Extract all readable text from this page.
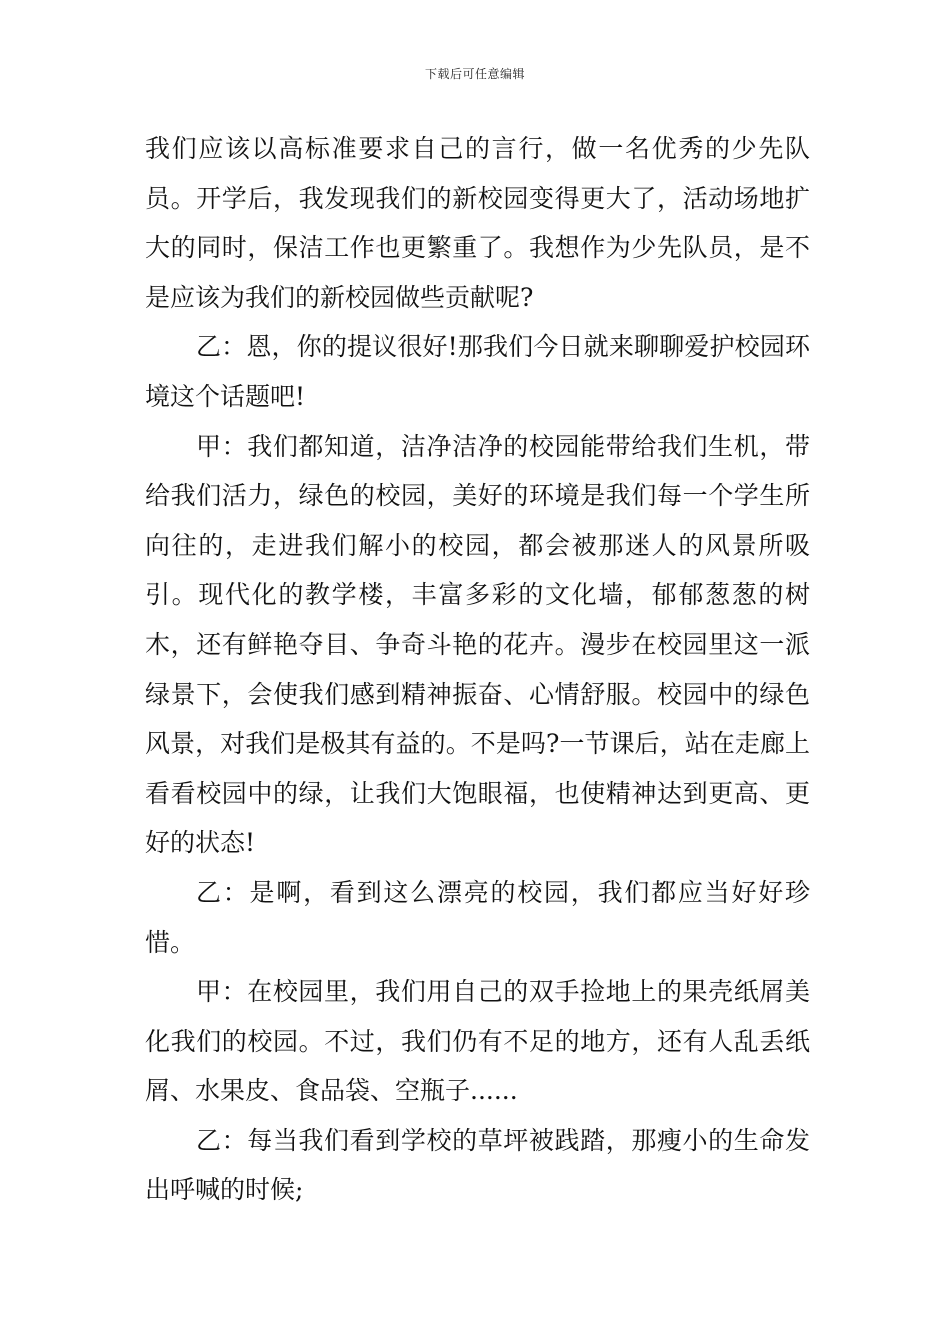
下载后可任意编辑

我们应该以高标准要求自己的言行，做一名优秀的少先队员。开学后，我发现我们的新校园变得更大了，活动场地扩大的同时，保洁工作也更繁重了。我想作为少先队员，是不是应该为我们的新校园做些贡献呢?

乙：恩，你的提议很好!那我们今日就来聊聊爱护校园环境这个话题吧!

甲：我们都知道，洁净洁净的校园能带给我们生机，带给我们活力，绿色的校园，美好的环境是我们每一个学生所向往的，走进我们解小的校园，都会被那迷人的风景所吸引。现代化的教学楼，丰富多彩的文化墙，郁郁葱葱的树木，还有鲜艳夺目、争奇斗艳的花卉。漫步在校园里这一派绿景下，会使我们感到精神振奋、心情舒服。校园中的绿色风景，对我们是极其有益的。不是吗?一节课后，站在走廊上看看校园中的绿，让我们大饱眼福，也使精神达到更高、更好的状态!

乙：是啊，看到这么漂亮的校园，我们都应当好好珍惜。

甲：在校园里，我们用自己的双手捡地上的果壳纸屑美化我们的校园。不过，我们仍有不足的地方，还有人乱丢纸屑、水果皮、食品袋、空瓶子......

乙：每当我们看到学校的草坪被践踏，那瘦小的生命发出呼喊的时候;
